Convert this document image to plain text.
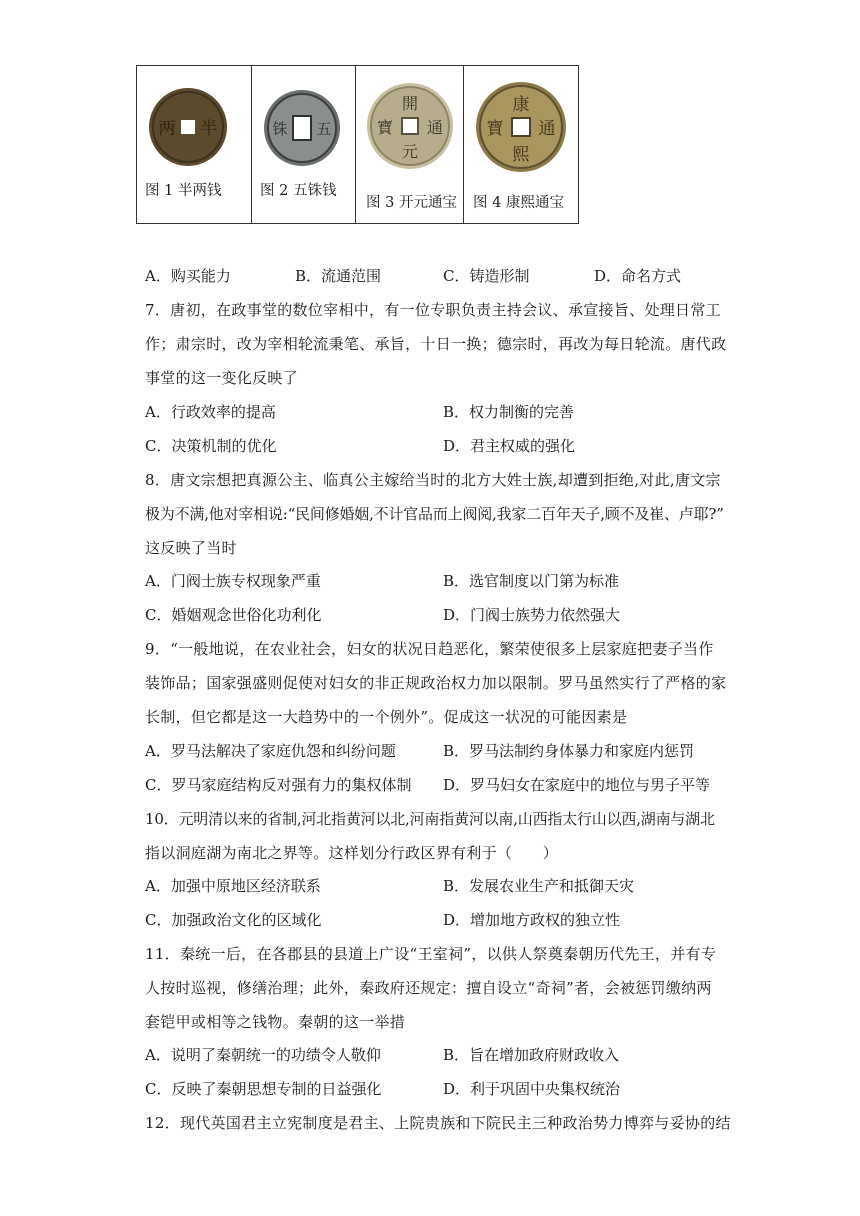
两 半
图 1 半两钱

铢 五
图 2 五铢钱

開
元
通
寶
图 3 开元通宝

康
熙
通
寶
图 4 康熙通宝
A．购买能力	B．流通范围	C．铸造形制	D．命名方式
7．唐初，在政事堂的数位宰相中，有一位专职负责主持会议、承宣接旨、处理日常工
作；肃宗时，改为宰相轮流秉笔、承旨，十日一换；德宗时，再改为每日轮流。唐代政
事堂的这一变化反映了
A．行政效率的提高	B．权力制衡的完善
C．决策机制的优化	D．君主权威的强化
8．唐文宗想把真源公主、临真公主嫁给当时的北方大姓士族,却遭到拒绝,对此,唐文宗
极为不满,他对宰相说:“民间修婚姻,不计官品而上阀阅,我家二百年天子,顾不及崔、卢耶?”
这反映了当时
A．门阀士族专权现象严重	B．选官制度以门第为标准
C．婚姻观念世俗化功利化	D．门阀士族势力依然强大
9．“一般地说，在农业社会，妇女的状况日趋恶化，繁荣使很多上层家庭把妻子当作
装饰品；国家强盛则促使对妇女的非正规政治权力加以限制。罗马虽然实行了严格的家
长制，但它都是这一大趋势中的一个例外”。促成这一状况的可能因素是
A．罗马法解决了家庭仇怨和纠纷问题	B．罗马法制约身体暴力和家庭内惩罚
C．罗马家庭结构反对强有力的集权体制 D．罗马妇女在家庭中的地位与男子平等
10．元明清以来的省制,河北指黄河以北,河南指黄河以南,山西指太行山以西,湖南与湖北
指以洞庭湖为南北之界等。这样划分行政区界有利于（　　）
A．加强中原地区经济联系	B．发展农业生产和抵御天灾
C．加强政治文化的区域化	D．增加地方政权的独立性
11．秦统一后，在各郡县的县道上广设“王室祠”，以供人祭奠秦朝历代先王，并有专
人按时巡视，修缮治理；此外，秦政府还规定：擅自设立“奇祠”者，会被惩罚缴纳两
套铠甲或相等之钱物。秦朝的这一举措
A．说明了秦朝统一的功绩令人敬仰	B．旨在增加政府财政收入
C．反映了秦朝思想专制的日益强化	D．利于巩固中央集权统治
12．现代英国君主立宪制度是君主、上院贵族和下院民主三种政治势力博弈与妥协的结
